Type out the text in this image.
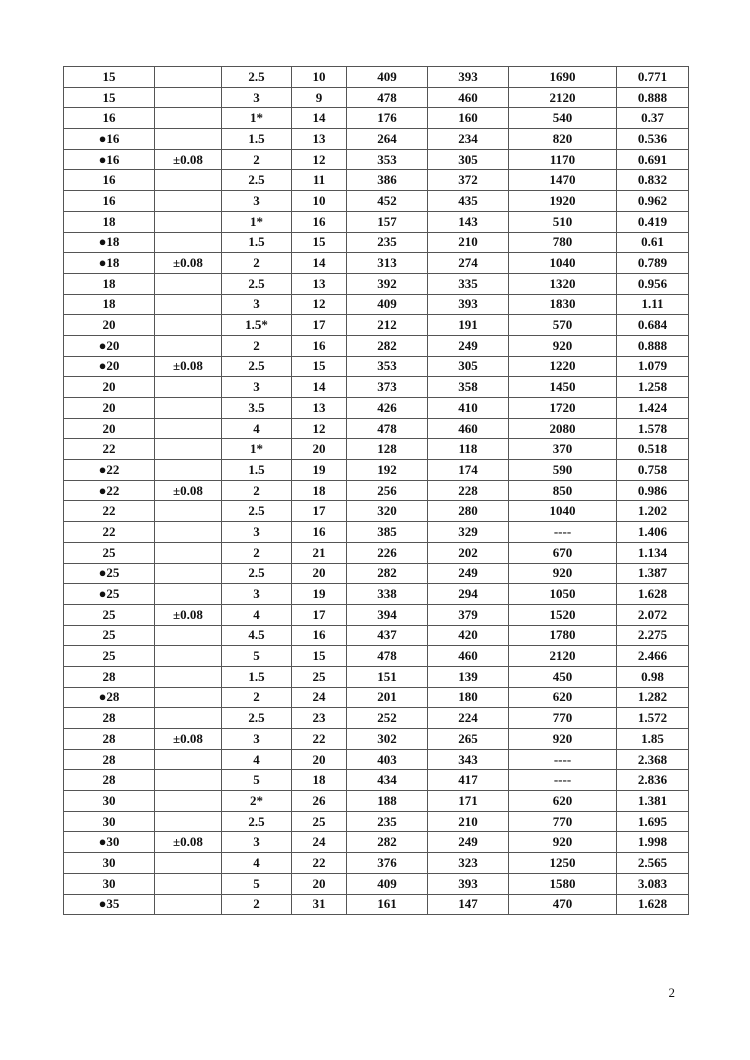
15		2.5	10	409	393	1690	0.771
15		3	9	478	460	2120	0.888
16		1*	14	176	160	540	0.37
●16		1.5	13	264	234	820	0.536
●16	±0.08	2	12	353	305	1170	0.691
16		2.5	11	386	372	1470	0.832
16		3	10	452	435	1920	0.962
18		1*	16	157	143	510	0.419
●18		1.5	15	235	210	780	0.61
●18	±0.08	2	14	313	274	1040	0.789
18		2.5	13	392	335	1320	0.956
18		3	12	409	393	1830	1.11
20		1.5*	17	212	191	570	0.684
●20		2	16	282	249	920	0.888
●20	±0.08	2.5	15	353	305	1220	1.079
20		3	14	373	358	1450	1.258
20		3.5	13	426	410	1720	1.424
20		4	12	478	460	2080	1.578
22		1*	20	128	118	370	0.518
●22		1.5	19	192	174	590	0.758
●22	±0.08	2	18	256	228	850	0.986
22		2.5	17	320	280	1040	1.202
22		3	16	385	329	----	1.406
25		2	21	226	202	670	1.134
●25		2.5	20	282	249	920	1.387
●25		3	19	338	294	1050	1.628
25	±0.08	4	17	394	379	1520	2.072
25		4.5	16	437	420	1780	2.275
25		5	15	478	460	2120	2.466
28		1.5	25	151	139	450	0.98
●28		2	24	201	180	620	1.282
28		2.5	23	252	224	770	1.572
28	±0.08	3	22	302	265	920	1.85
28		4	20	403	343	----	2.368
28		5	18	434	417	----	2.836
30		2*	26	188	171	620	1.381
30		2.5	25	235	210	770	1.695
●30	±0.08	3	24	282	249	920	1.998
30		4	22	376	323	1250	2.565
30		5	20	409	393	1580	3.083
●35		2	31	161	147	470	1.628
2
